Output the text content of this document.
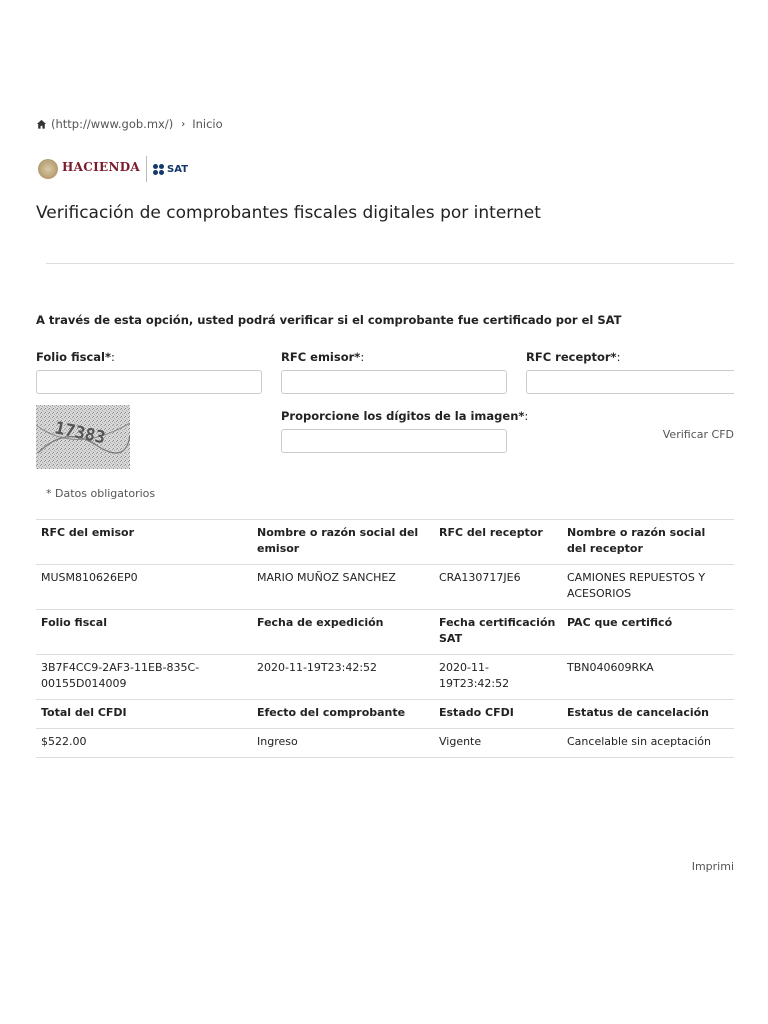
(http://www.gob.mx/) › Inicio
HACIENDA
	SAT

Verificación de comprobantes fiscales digitales por internet
A través de esta opción, usted podrá verificar si el comprobante fue certificado por el SAT
Folio fiscal*:	RFC emisor*:	RFC receptor*:
17383
Proporcione los dígitos de la imagen*:
Verificar CFD
* Datos obligatorios
RFC del emisor	Nombre o razón social del emisor	RFC del receptor	Nombre o razón social del receptor
MUSM810626EP0	MARIO MUÑOZ SANCHEZ	CRA130717JE6	CAMIONES REPUESTOS Y ACESORIOS
Folio fiscal	Fecha de expedición	Fecha certificación SAT	PAC que certificó
3B7F4CC9-2AF3-11EB-835C-00155D014009	2020-11-19T23:42:52	2020-11-19T23:42:52	TBN040609RKA
Total del CFDI	Efecto del comprobante	Estado CFDI	Estatus de cancelación
$522.00	Ingreso	Vigente	Cancelable sin aceptación
Imprimi
